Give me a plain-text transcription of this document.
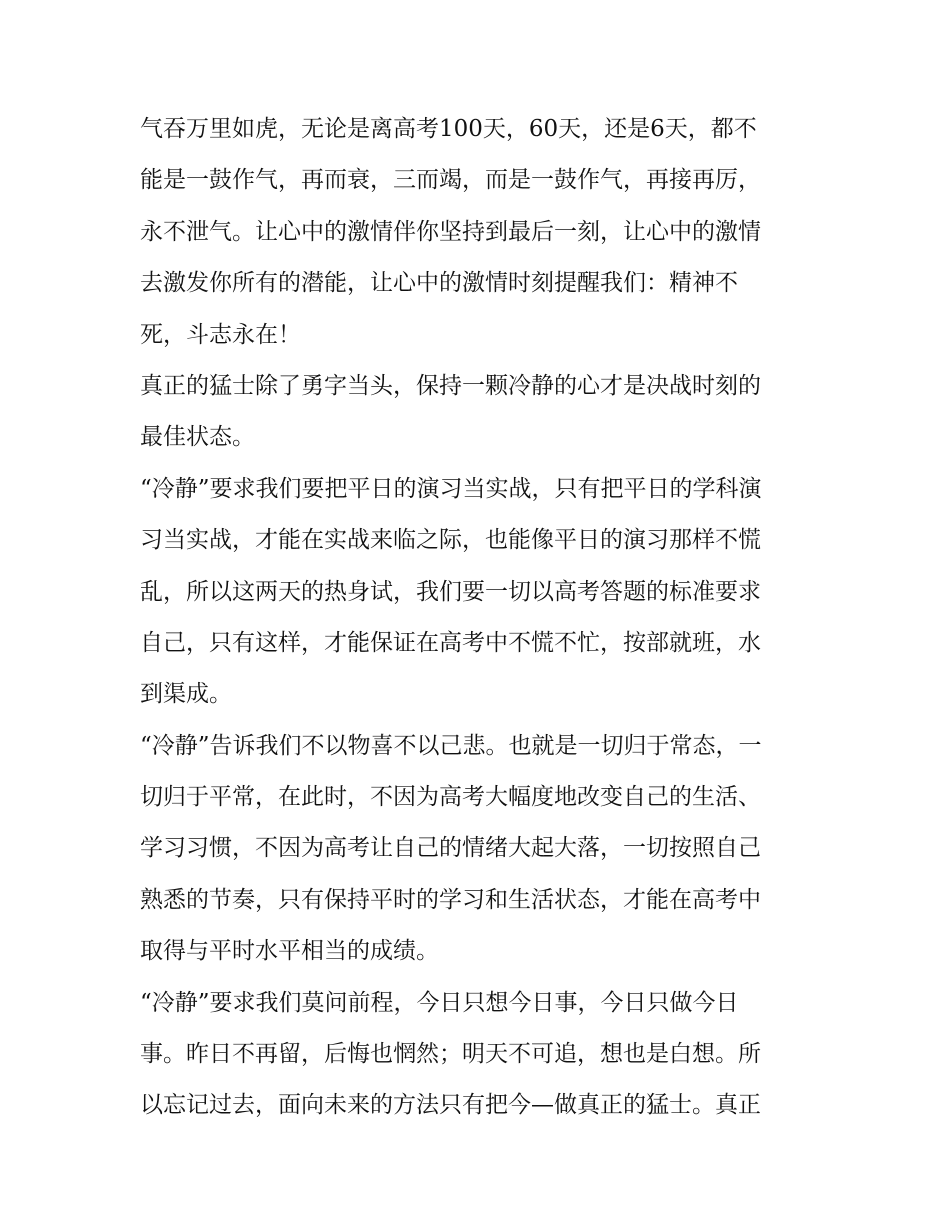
气吞万里如虎，无论是离高考100天，60天，还是6天，都不
能是一鼓作气，再而衰，三而竭，而是一鼓作气，再接再厉，
永不泄气。让心中的激情伴你坚持到最后一刻，让心中的激情
去激发你所有的潜能，让心中的激情时刻提醒我们：精神不
死，斗志永在！
真正的猛士除了勇字当头，保持一颗冷静的心才是决战时刻的
最佳状态。
“冷静”要求我们要把平日的演习当实战，只有把平日的学科演
习当实战，才能在实战来临之际，也能像平日的演习那样不慌
乱，所以这两天的热身试，我们要一切以高考答题的标准要求
自己，只有这样，才能保证在高考中不慌不忙，按部就班，水
到渠成。
“冷静”告诉我们不以物喜不以己悲。也就是一切归于常态，一
切归于平常，在此时，不因为高考大幅度地改变自己的生活、
学习习惯，不因为高考让自己的情绪大起大落，一切按照自己
熟悉的节奏，只有保持平时的学习和生活状态，才能在高考中
取得与平时水平相当的成绩。
“冷静”要求我们莫问前程，今日只想今日事，今日只做今日
事。昨日不再留，后悔也惘然；明天不可追，想也是白想。所
以忘记过去，面向未来的方法只有把今—做真正的猛士。真正
